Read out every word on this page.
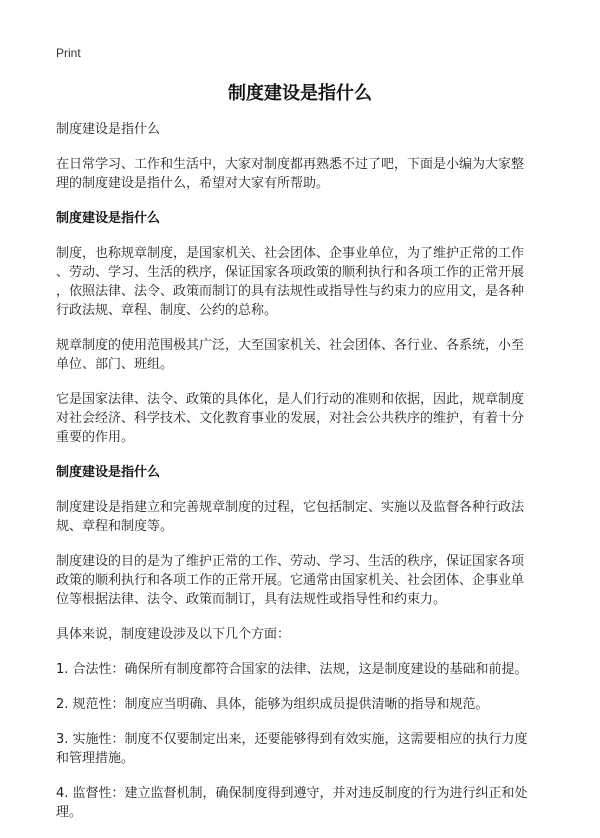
Print
制度建设是指什么

制度建设是指什么

在日常学习、工作和生活中，大家对制度都再熟悉不过了吧，下面是小编为大家整
理的制度建设是指什么，希望对大家有所帮助。

制度建设是指什么

制度，也称规章制度，是国家机关、社会团体、企事业单位，为了维护正常的工作
、劳动、学习、生活的秩序，保证国家各项政策的顺利执行和各项工作的正常开展
，依照法律、法令、政策而制订的具有法规性或指导性与约束力的应用文，是各种
行政法规、章程、制度、公约的总称。

规章制度的使用范围极其广泛，大至国家机关、社会团体、各行业、各系统，小至
单位、部门、班组。

它是国家法律、法令、政策的具体化，是人们行动的准则和依据，因此，规章制度
对社会经济、科学技术、文化教育事业的发展，对社会公共秩序的维护，有着十分
重要的作用。

制度建设是指什么

制度建设是指建立和完善规章制度的过程，它包括制定、实施以及监督各种行政法
规、章程和制度等。

制度建设的目的是为了维护正常的工作、劳动、学习、生活的秩序，保证国家各项
政策的顺利执行和各项工作的正常开展。它通常由国家机关、社会团体、企事业单
位等根据法律、法令、政策而制订，具有法规性或指导性和约束力。

具体来说，制度建设涉及以下几个方面：

1. 合法性：确保所有制度都符合国家的法律、法规，这是制度建设的基础和前提。

2. 规范性：制度应当明确、具体，能够为组织成员提供清晰的指导和规范。

3. 实施性：制度不仅要制定出来，还要能够得到有效实施，这需要相应的执行力度
和管理措施。

4. 监督性：建立监督机制，确保制度得到遵守，并对违反制度的行为进行纠正和处
理。
